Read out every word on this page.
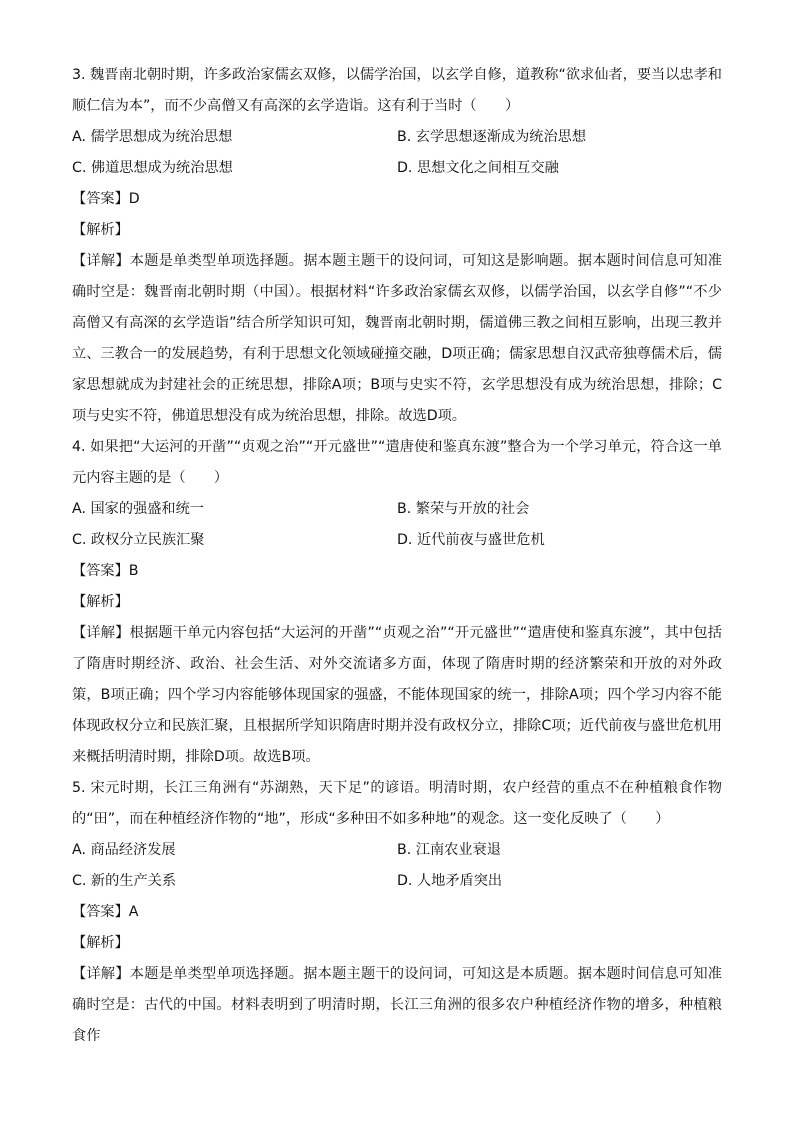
3. 魏晋南北朝时期，许多政治家儒玄双修，以儒学治国，以玄学自修，道教称“欲求仙者，要当以忠孝和顺仁信为本”，而不少高僧又有高深的玄学造诣。这有利于当时（　　）

A. 儒学思想成为统治思想	B. 玄学思想逐渐成为统治思想
C. 佛道思想成为统治思想	D. 思想文化之间相互交融

【答案】D

【解析】

【详解】本题是单类型单项选择题。据本题主题干的设问词，可知这是影响题。据本题时间信息可知准确时空是：魏晋南北朝时期（中国）。根据材料“许多政治家儒玄双修，以儒学治国，以玄学自修”“不少高僧又有高深的玄学造诣”结合所学知识可知，魏晋南北朝时期，儒道佛三教之间相互影响，出现三教并立、三教合一的发展趋势，有利于思想文化领域碰撞交融，D项正确；儒家思想自汉武帝独尊儒术后，儒家思想就成为封建社会的正统思想，排除A项；B项与史实不符，玄学思想没有成为统治思想，排除；C项与史实不符，佛道思想没有成为统治思想，排除。故选D项。

4. 如果把“大运河的开凿”“贞观之治”“开元盛世”“遣唐使和鉴真东渡”整合为一个学习单元，符合这一单元内容主题的是（　　）

A. 国家的强盛和统一	B. 繁荣与开放的社会
C. 政权分立民族汇聚	D. 近代前夜与盛世危机

【答案】B

【解析】

【详解】根据题干单元内容包括“大运河的开凿”“贞观之治”“开元盛世”“遣唐使和鉴真东渡”，其中包括了隋唐时期经济、政治、社会生活、对外交流诸多方面，体现了隋唐时期的经济繁荣和开放的对外政策，B项正确；四个学习内容能够体现国家的强盛，不能体现国家的统一，排除A项；四个学习内容不能体现政权分立和民族汇聚，且根据所学知识隋唐时期并没有政权分立，排除C项；近代前夜与盛世危机用来概括明清时期，排除D项。故选B项。

5. 宋元时期，长江三角洲有“苏湖熟，天下足”的谚语。明清时期，农户经营的重点不在种植粮食作物的“田”，而在种植经济作物的“地”，形成“多种田不如多种地”的观念。这一变化反映了（　　）

A. 商品经济发展	B. 江南农业衰退
C. 新的生产关系	D. 人地矛盾突出

【答案】A

【解析】

【详解】本题是单类型单项选择题。据本题主题干的设问词，可知这是本质题。据本题时间信息可知准确时空是：古代的中国。材料表明到了明清时期，长江三角洲的很多农户种植经济作物的增多，种植粮食作
